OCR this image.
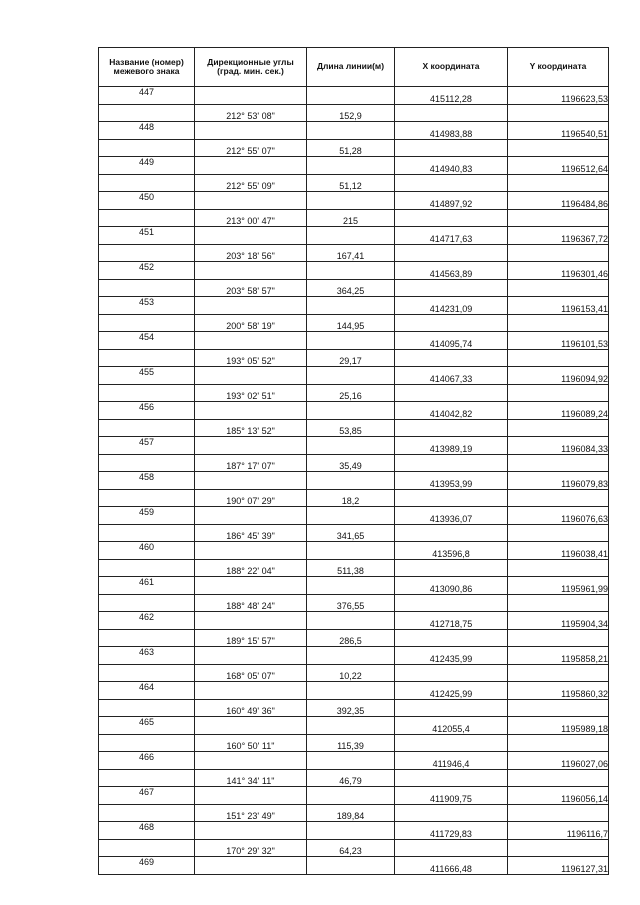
Название (номер) межевого знака	Дирекционные углы (град. мин. сек.)	Длина линии(м)	X координата	Y координата
447			415112,28	1196623,53
	212° 53' 08"	152,9		
448			414983,88	1196540,51
	212° 55' 07"	51,28		
449			414940,83	1196512,64
	212° 55' 09"	51,12		
450			414897,92	1196484,86
	213° 00' 47"	215		
451			414717,63	1196367,72
	203° 18' 56"	167,41		
452			414563,89	1196301,46
	203° 58' 57"	364,25		
453			414231,09	1196153,41
	200° 58' 19"	144,95		
454			414095,74	1196101,53
	193° 05' 52"	29,17		
455			414067,33	1196094,92
	193° 02' 51"	25,16		
456			414042,82	1196089,24
	185° 13' 52"	53,85		
457			413989,19	1196084,33
	187° 17' 07"	35,49		
458			413953,99	1196079,83
	190° 07' 29"	18,2		
459			413936,07	1196076,63
	186° 45' 39"	341,65		
460			413596,8	1196038,41
	188° 22' 04"	511,38		
461			413090,86	1195961,99
	188° 48' 24"	376,55		
462			412718,75	1195904,34
	189° 15' 57"	286,5		
463			412435,99	1195858,21
	168° 05' 07"	10,22		
464			412425,99	1195860,32
	160° 49' 36"	392,35		
465			412055,4	1195989,18
	160° 50' 11"	115,39		
466			411946,4	1196027,06
	141° 34' 11"	46,79		
467			411909,75	1196056,14
	151° 23' 49"	189,84		
468			411729,83	1196116,7
	170° 29' 32"	64,23		
469			411666,48	1196127,31
